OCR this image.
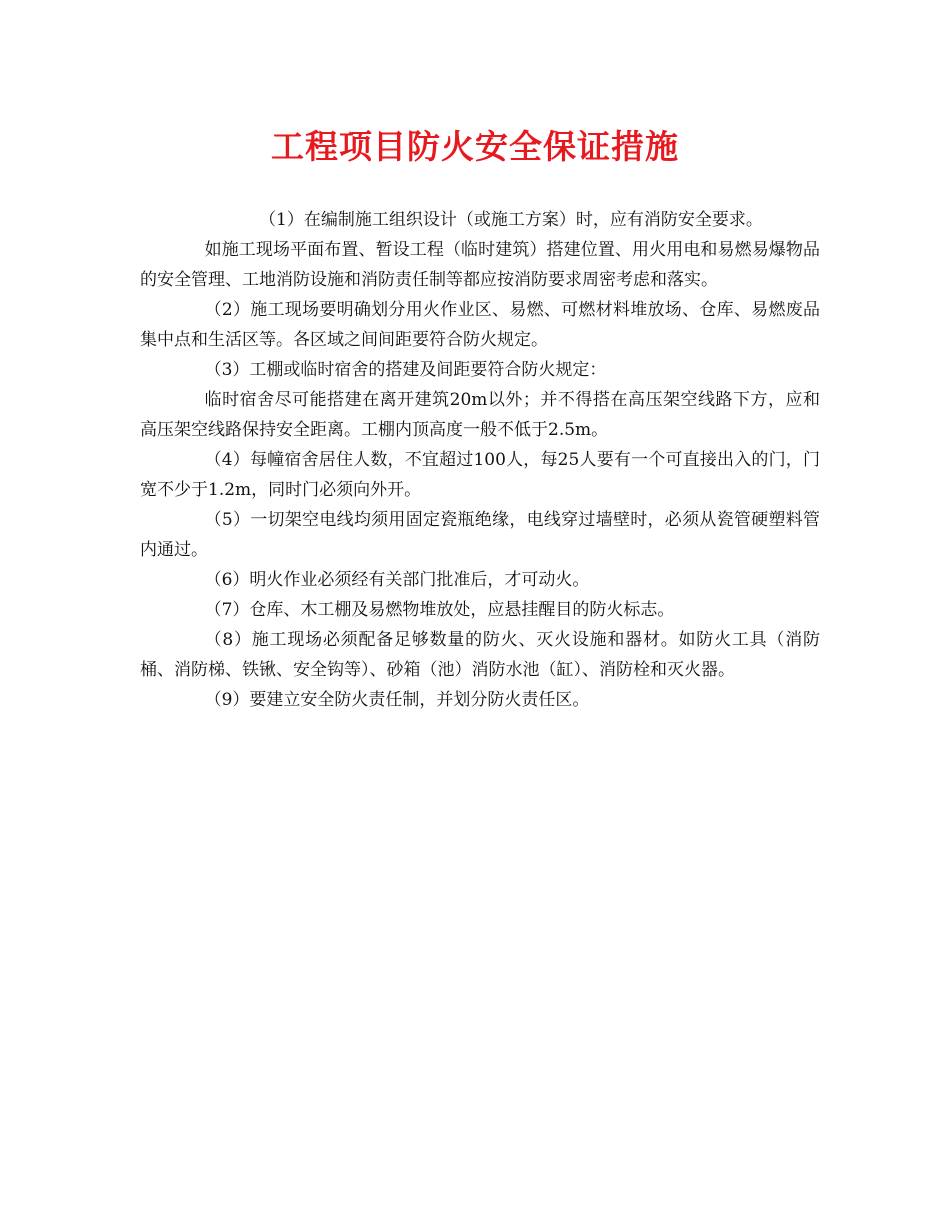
工程项目防火安全保证措施

（1）在编制施工组织设计（或施工方案）时，应有消防安全要求。

如施工现场平面布置、暂设工程（临时建筑）搭建位置、用火用电和易燃易爆物品的安全管理、工地消防设施和消防责任制等都应按消防要求周密考虑和落实。

（2）施工现场要明确划分用火作业区、易燃、可燃材料堆放场、仓库、易燃废品集中点和生活区等。各区域之间间距要符合防火规定。

（3）工棚或临时宿舍的搭建及间距要符合防火规定：

临时宿舍尽可能搭建在离开建筑20m以外；并不得搭在高压架空线路下方，应和高压架空线路保持安全距离。工棚内顶高度一般不低于2.5m。

（4）每幢宿舍居住人数，不宜超过100人，每25人要有一个可直接出入的门，门宽不少于1.2m，同时门必须向外开。

（5）一切架空电线均须用固定瓷瓶绝缘，电线穿过墙壁时，必须从瓷管硬塑料管内通过。

（6）明火作业必须经有关部门批准后，才可动火。

（7）仓库、木工棚及易燃物堆放处，应悬挂醒目的防火标志。

（8）施工现场必须配备足够数量的防火、灭火设施和器材。如防火工具（消防桶、消防梯、铁锹、安全钩等）、砂箱（池）消防水池（缸）、消防栓和灭火器。

（9）要建立安全防火责任制，并划分防火责任区。
